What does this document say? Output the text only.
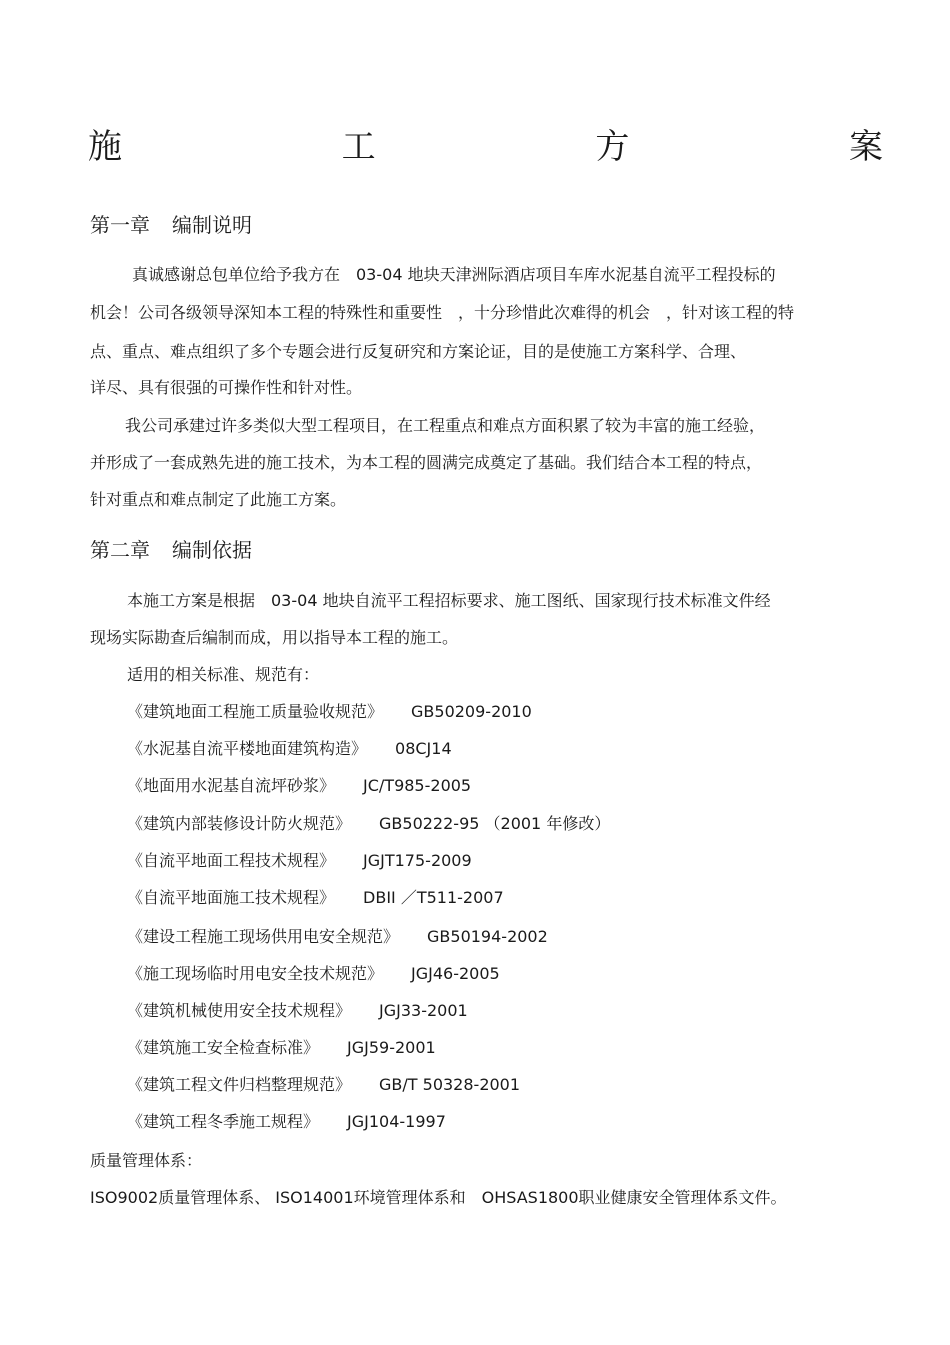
施	工	方	案
第一章 编制说明
真诚感谢总包单位给予我方在　03-04 地块天津洲际酒店项目车库水泥基自流平工程投标的
机会！公司各级领导深知本工程的特殊性和重要性　，十分珍惜此次难得的机会　，针对该工程的特
点、重点、难点组织了多个专题会进行反复研究和方案论证，目的是使施工方案科学、合理、
详尽、具有很强的可操作性和针对性。
我公司承建过许多类似大型工程项目，在工程重点和难点方面积累了较为丰富的施工经验，
并形成了一套成熟先进的施工技术，为本工程的圆满完成奠定了基础。我们结合本工程的特点，
针对重点和难点制定了此施工方案。
第二章 编制依据
本施工方案是根据　03-04 地块自流平工程招标要求、施工图纸、国家现行技术标准文件经
现场实际勘查后编制而成，用以指导本工程的施工。
适用的相关标准、规范有：
《建筑地面工程施工质量验收规范》 GB50209-2010
《水泥基自流平楼地面建筑构造》 08CJ14
《地面用水泥基自流坪砂浆》 JC/T985-2005
《建筑内部装修设计防火规范》 GB50222-95 （2001 年修改）
《自流平地面工程技术规程》 JGJT175-2009
《自流平地面施工技术规程》 DBII ／T511-2007
《建设工程施工现场供用电安全规范》 GB50194-2002
《施工现场临时用电安全技术规范》 JGJ46-2005
《建筑机械使用安全技术规程》 JGJ33-2001
《建筑施工安全检查标准》 JGJ59-2001
《建筑工程文件归档整理规范》 GB/T 50328-2001
《建筑工程冬季施工规程》 JGJ104-1997
质量管理体系：
ISO9002质量管理体系、 ISO14001环境管理体系和　OHSAS1800职业健康安全管理体系文件。
